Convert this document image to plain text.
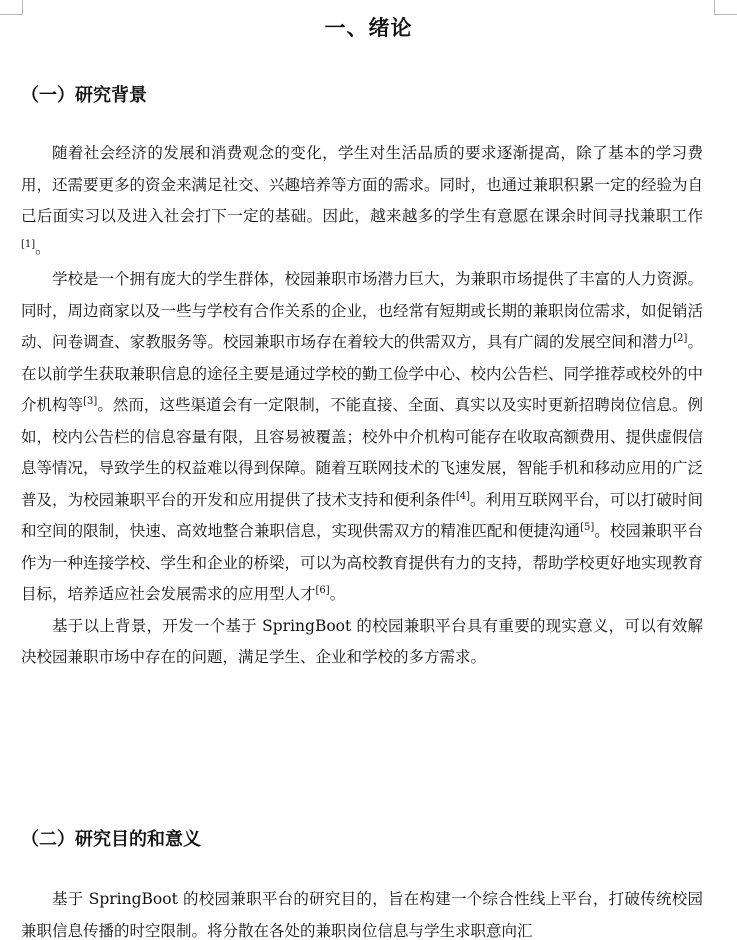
一、绪论
（一）研究背景

随着社会经济的发展和消费观念的变化，学生对生活品质的要求逐渐提高，除了基本的学习费用，还需要更多的资金来满足社交、兴趣培养等方面的需求。同时，也通过兼职积累一定的经验为自己后面实习以及进入社会打下一定的基础。因此，越来越多的学生有意愿在课余时间寻找兼职工作[1]。

学校是一个拥有庞大的学生群体，校园兼职市场潜力巨大，为兼职市场提供了丰富的人力资源。同时，周边商家以及一些与学校有合作关系的企业，也经常有短期或长期的兼职岗位需求，如促销活动、问卷调查、家教服务等。校园兼职市场存在着较大的供需双方，具有广阔的发展空间和潜力[2]。在以前学生获取兼职信息的途径主要是通过学校的勤工俭学中心、校内公告栏、同学推荐或校外的中介机构等[3]。然而，这些渠道会有一定限制，不能直接、全面、真实以及实时更新招聘岗位信息。例如，校内公告栏的信息容量有限，且容易被覆盖；校外中介机构可能存在收取高额费用、提供虚假信息等情况，导致学生的权益难以得到保障。随着互联网技术的飞速发展，智能手机和移动应用的广泛普及，为校园兼职平台的开发和应用提供了技术支持和便利条件[4]。利用互联网平台，可以打破时间和空间的限制，快速、高效地整合兼职信息，实现供需双方的精准匹配和便捷沟通[5]。校园兼职平台作为一种连接学校、学生和企业的桥梁，可以为高校教育提供有力的支持，帮助学校更好地实现教育目标，培养适应社会发展需求的应用型人才[6]。

基于以上背景，开发一个基于 SpringBoot 的校园兼职平台具有重要的现实意义，可以有效解决校园兼职市场中存在的问题，满足学生、企业和学校的多方需求。

（二）研究目的和意义

基于 SpringBoot 的校园兼职平台的研究目的，旨在构建一个综合性线上平台，打破传统校园兼职信息传播的时空限制。将分散在各处的兼职岗位信息与学生求职意向汇
